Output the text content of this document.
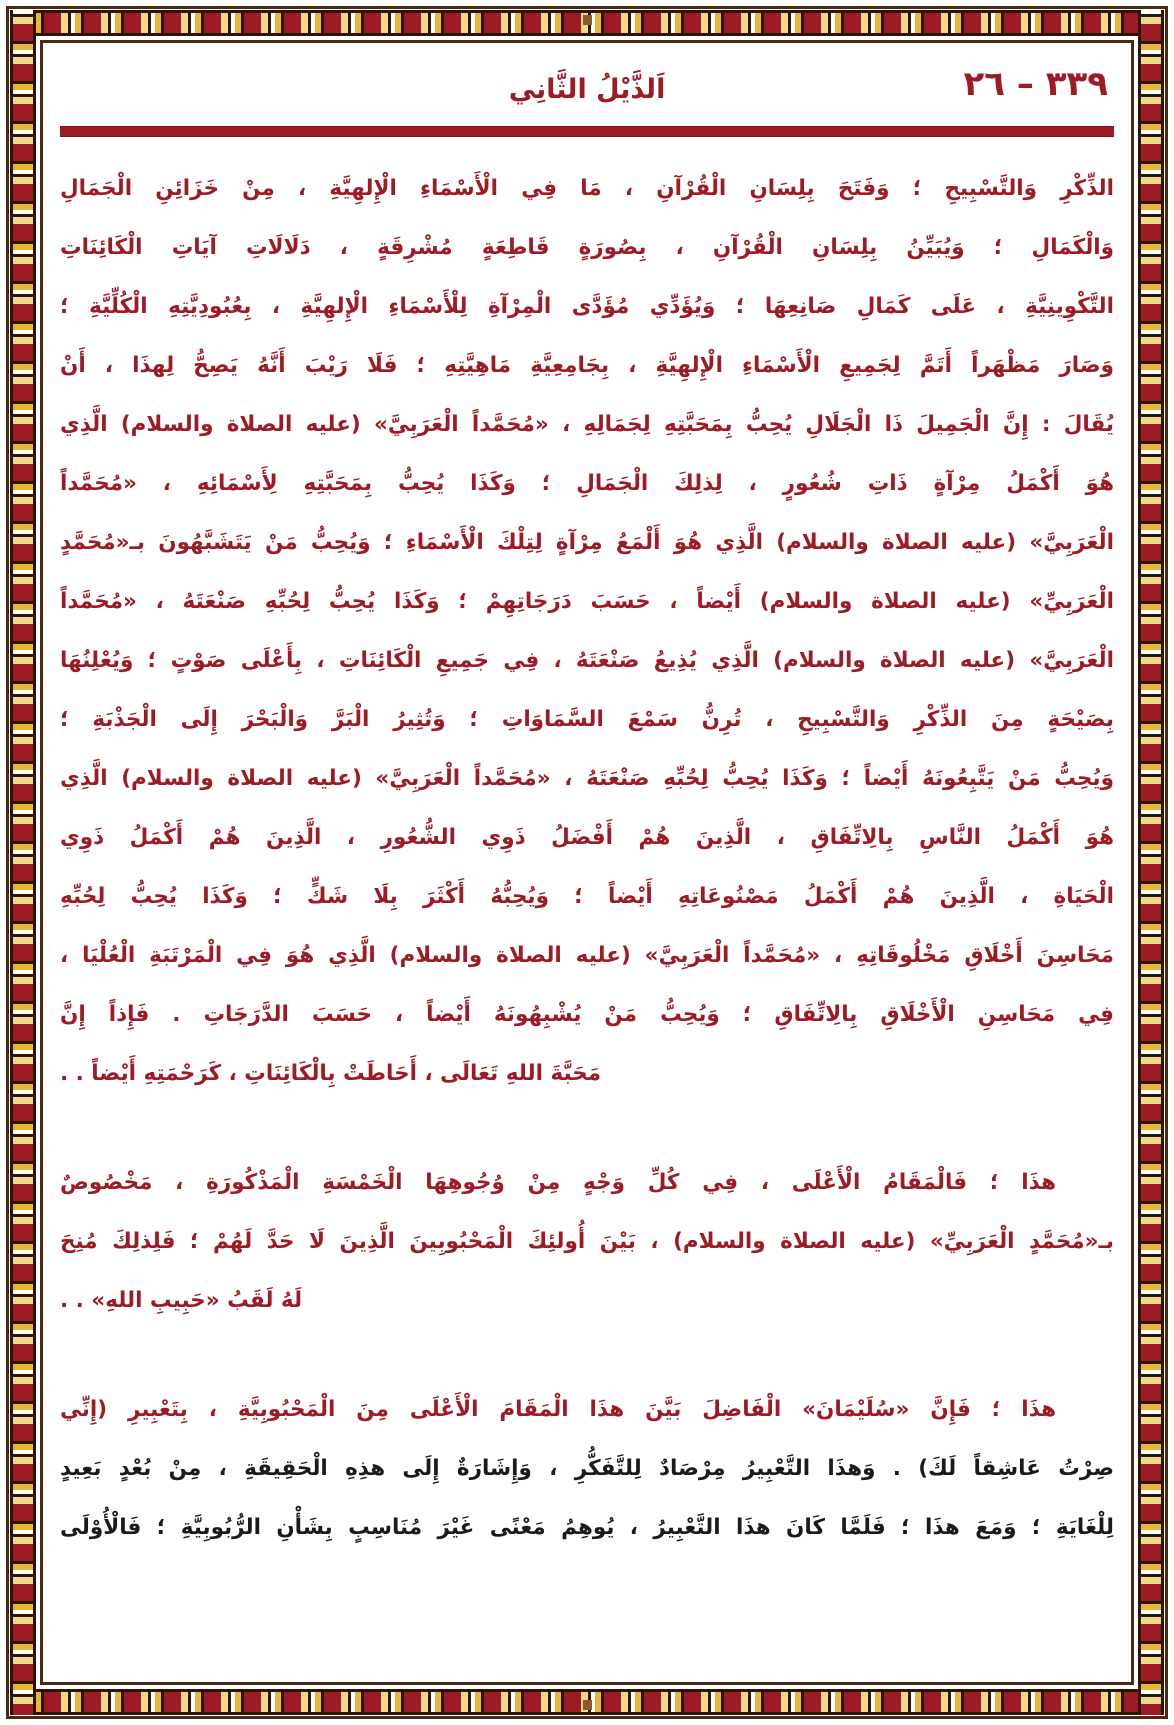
٣٣٩ – ٢٦
اَلذَّيْلُ الثَّانِي
الذِّكْرِ وَالتَّسْبِيحِ ؛ وَفَتَحَ بِلِسَانِ الْقُرْآنِ ، مَا فِي الْأَسْمَاءِ الْإِلهِيَّةِ ، مِنْ خَزَائِنِ الْجَمَالِ
وَالْكَمَالِ ؛ وَيُبَيِّنُ بِلِسَانِ الْقُرْآنِ ، بِصُورَةٍ قَاطِعَةٍ مُشْرِقَةٍ ، دَلَالَاتِ آيَاتِ الْكَائِنَاتِ
التَّكْوِينِيَّةِ ، عَلَى كَمَالِ صَانِعِهَا ؛ وَيُؤَدِّي مُؤَدَّى الْمِرْآةِ لِلْأَسْمَاءِ الْإِلهِيَّةِ ، بِعُبُودِيَّتِهِ الْكُلِّيَّةِ ؛
وَصَارَ مَظْهَراً أَتَمَّ لِجَمِيعِ الْأَسْمَاءِ الْإِلهِيَّةِ ، بِجَامِعِيَّةِ مَاهِيَّتِهِ ؛ فَلَا رَيْبَ أَنَّهُ يَصِحُّ لِهذَا ، أَنْ
يُقَالَ : إِنَّ الْجَمِيلَ ذَا الْجَلَالِ يُحِبُّ بِمَحَبَّتِهِ لِجَمَالِهِ ، «مُحَمَّداً الْعَرَبِيَّ» (عليه الصلاة والسلام) الَّذِي
هُوَ أَكْمَلُ مِرْآةٍ ذَاتِ شُعُورٍ ، لِذلِكَ الْجَمَالِ ؛ وَكَذَا يُحِبُّ بِمَحَبَّتِهِ لِأَسْمَائِهِ ، «مُحَمَّداً
الْعَرَبِيَّ» (عليه الصلاة والسلام) الَّذِي هُوَ أَلْمَعُ مِرْآةٍ لِتِلْكَ الْأَسْمَاءِ ؛ وَيُحِبُّ مَنْ يَتَشَبَّهُونَ بـ«مُحَمَّدٍ
الْعَرَبِيِّ» (عليه الصلاة والسلام) أَيْضاً ، حَسَبَ دَرَجَاتِهِمْ ؛ وَكَذَا يُحِبُّ لِحُبِّهِ صَنْعَتَهُ ، «مُحَمَّداً
الْعَرَبِيَّ» (عليه الصلاة والسلام) الَّذِي يُذِيعُ صَنْعَتَهُ ، فِي جَمِيعِ الْكَائِنَاتِ ، بِأَعْلَى صَوْتٍ ؛ وَيُعْلِنُهَا
بِصَيْحَةٍ مِنَ الذِّكْرِ وَالتَّسْبِيحِ ، تُرِنُّ سَمْعَ السَّمَاوَاتِ ؛ وَتُثِيرُ الْبَرَّ وَالْبَحْرَ إِلَى الْجَذْبَةِ ؛
وَيُحِبُّ مَنْ يَتَّبِعُونَهُ أَيْضاً ؛ وَكَذَا يُحِبُّ لِحُبِّهِ صَنْعَتَهُ ، «مُحَمَّداً الْعَرَبِيَّ» (عليه الصلاة والسلام) الَّذِي
هُوَ أَكْمَلُ النَّاسِ بِالِاتِّفَاقِ ، الَّذِينَ هُمْ أَفْضَلُ ذَوِي الشُّعُورِ ، الَّذِينَ هُمْ أَكْمَلُ ذَوِي
الْحَيَاةِ ، الَّذِينَ هُمْ أَكْمَلُ مَصْنُوعَاتِهِ أَيْضاً ؛ وَيُحِبُّهُ أَكْثَرَ بِلَا شَكٍّ ؛ وَكَذَا يُحِبُّ لِحُبِّهِ
مَحَاسِنَ أَخْلَاقِ مَخْلُوقَاتِهِ ، «مُحَمَّداً الْعَرَبِيَّ» (عليه الصلاة والسلام) الَّذِي هُوَ فِي الْمَرْتَبَةِ الْعُلْيَا ،
فِي مَحَاسِنِ الْأَخْلَاقِ بِالِاتِّفَاقِ ؛ وَيُحِبُّ مَنْ يُشْبِهُونَهُ أَيْضاً ، حَسَبَ الدَّرَجَاتِ . فَإِذاً إِنَّ
مَحَبَّةَ اللهِ تَعَالَى ، أَحَاطَتْ بِالْكَائِنَاتِ ، كَرَحْمَتِهِ أَيْضاً . .
هذَا ؛ فَالْمَقَامُ الْأَعْلَى ، فِي كُلِّ وَجْهٍ مِنْ وُجُوهِهَا الْخَمْسَةِ الْمَذْكُورَةِ ، مَخْصُوصٌ
بـ«مُحَمَّدٍ الْعَرَبِيِّ» (عليه الصلاة والسلام) ، بَيْنَ أُولئِكَ الْمَحْبُوبِينَ الَّذِينَ لَا حَدَّ لَهُمْ ؛ فَلِذلِكَ مُنِحَ
لَهُ لَقَبُ «حَبِيبِ اللهِ» . .
هذَا ؛ فَإِنَّ «سُلَيْمَانَ» الْفَاضِلَ بَيَّنَ هذَا الْمَقَامَ الْأَعْلَى مِنَ الْمَحْبُوبِيَّةِ ، بِتَعْبِيرِ (إِنِّي
صِرْتُ عَاشِقاً لَكَ) . وَهذَا التَّعْبِيرُ مِرْصَادٌ لِلتَّفَكُّرِ ، وَإِشَارَةٌ إِلَى هذِهِ الْحَقِيقَةِ ، مِنْ بُعْدٍ بَعِيدٍ
لِلْغَايَةِ ؛ وَمَعَ هذَا ؛ فَلَمَّا كَانَ هذَا التَّعْبِيرُ ، يُوهِمُ مَعْنًى غَيْرَ مُنَاسِبٍ بِشَأْنِ الرُّبُوبِيَّةِ ؛ فَالْأُوْلَى
